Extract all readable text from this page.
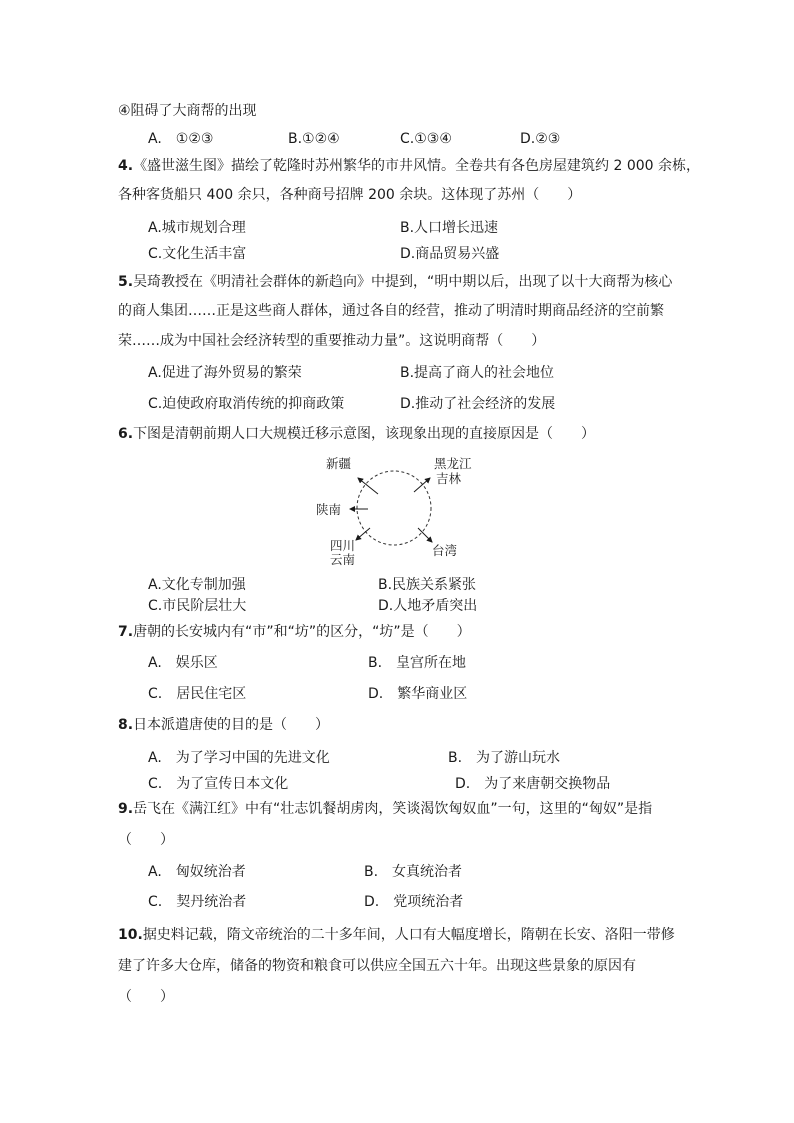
④阻碍了大商帮的出现
A.　①②③	B.①②④	C.①③④	D.②③
4.《盛世滋生图》描绘了乾隆时苏州繁华的市井风情。全卷共有各色房屋建筑约 2 000 余栋，
各种客货船只 400 余只，各种商号招牌 200 余块。这体现了苏州（　　）
A.城市规划合理	B.人口增长迅速
C.文化生活丰富	D.商品贸易兴盛
5.吴琦教授在《明清社会群体的新趋向》中提到，“明中期以后，出现了以十大商帮为核心
的商人集团……正是这些商人群体，通过各自的经营，推动了明清时期商品经济的空前繁
荣……成为中国社会经济转型的重要推动力量”。这说明商帮（　　）
A.促进了海外贸易的繁荣	B.提高了商人的社会地位
C.迫使政府取消传统的抑商政策	D.推动了社会经济的发展
6.下图是清朝前期人口大规模迁移示意图，该现象出现的直接原因是（　　）
新疆	黑龙江
吉林
陕南
四川
云南
台湾
A.文化专制加强	B.民族关系紧张
C.市民阶层壮大	D.人地矛盾突出
7.唐朝的长安城内有“市”和“坊”的区分，“坊”是（　　）
A.　娱乐区	B.　皇宫所在地
C.　居民住宅区	D.　繁华商业区
8.日本派遣唐使的目的是（　　）
A.　为了学习中国的先进文化	B.　为了游山玩水
C.　为了宣传日本文化	D.　为了来唐朝交换物品
9.岳飞在《满江红》中有“壮志饥餐胡虏肉，笑谈渴饮匈奴血”一句，这里的“匈奴”是指
（　　）
A.　匈奴统治者	B.　女真统治者
C.　契丹统治者	D.　党项统治者
10.据史料记载，隋文帝统治的二十多年间，人口有大幅度增长，隋朝在长安、洛阳一带修
建了许多大仓库，储备的物资和粮食可以供应全国五六十年。出现这些景象的原因有
（　　）
